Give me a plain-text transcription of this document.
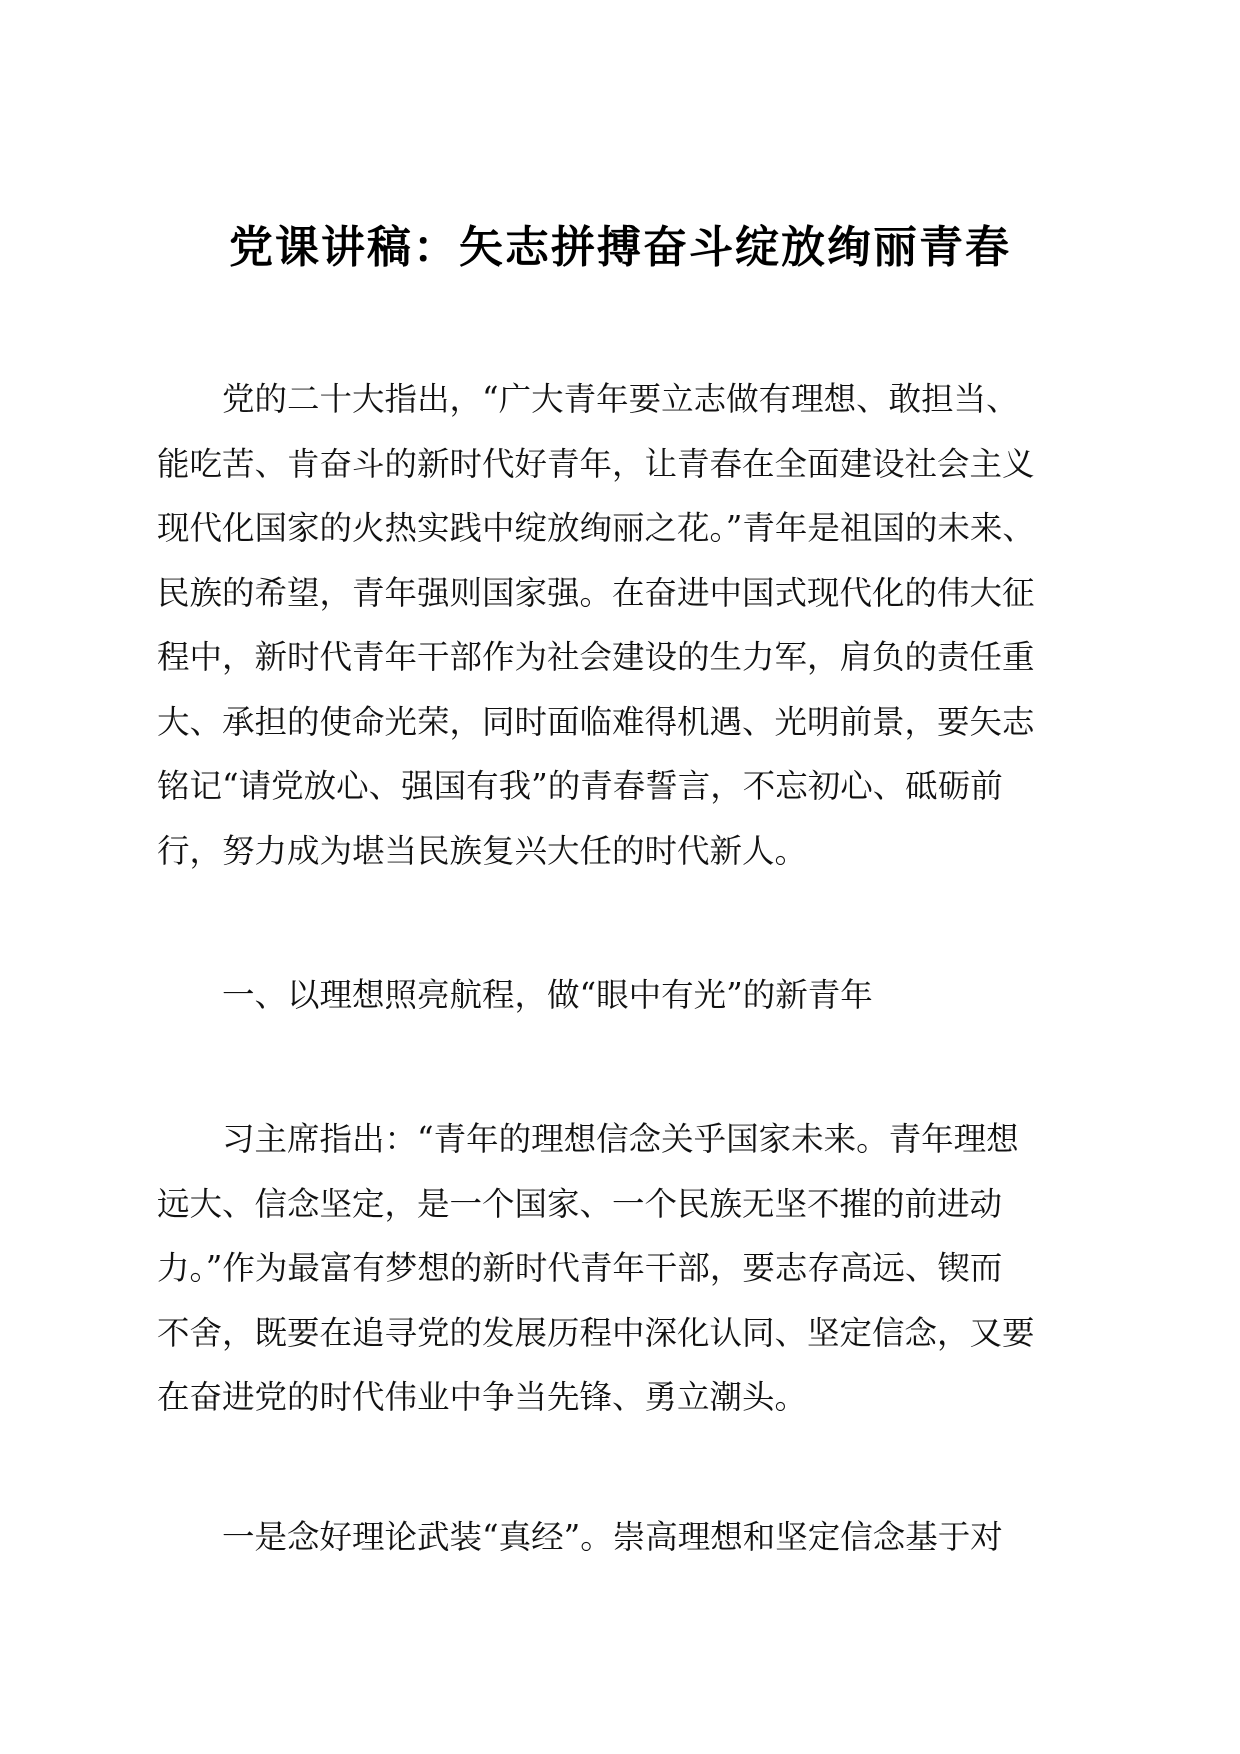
党课讲稿：矢志拼搏奋斗绽放绚丽青春
　　党的二十大指出，“广大青年要立志做有理想、敢担当、
能吃苦、肯奋斗的新时代好青年，让青春在全面建设社会主义
现代化国家的火热实践中绽放绚丽之花。”青年是祖国的未来、
民族的希望，青年强则国家强。在奋进中国式现代化的伟大征
程中，新时代青年干部作为社会建设的生力军，肩负的责任重
大、承担的使命光荣，同时面临难得机遇、光明前景，要矢志
铭记“请党放心、强国有我”的青春誓言，不忘初心、砥砺前
行，努力成为堪当民族复兴大任的时代新人。
　　一、以理想照亮航程，做“眼中有光”的新青年
　　习主席指出：“青年的理想信念关乎国家未来。青年理想
远大、信念坚定，是一个国家、一个民族无坚不摧的前进动
力。”作为最富有梦想的新时代青年干部，要志存高远、锲而
不舍，既要在追寻党的发展历程中深化认同、坚定信念，又要
在奋进党的时代伟业中争当先锋、勇立潮头。
　　一是念好理论武装“真经”。崇高理想和坚定信念基于对
